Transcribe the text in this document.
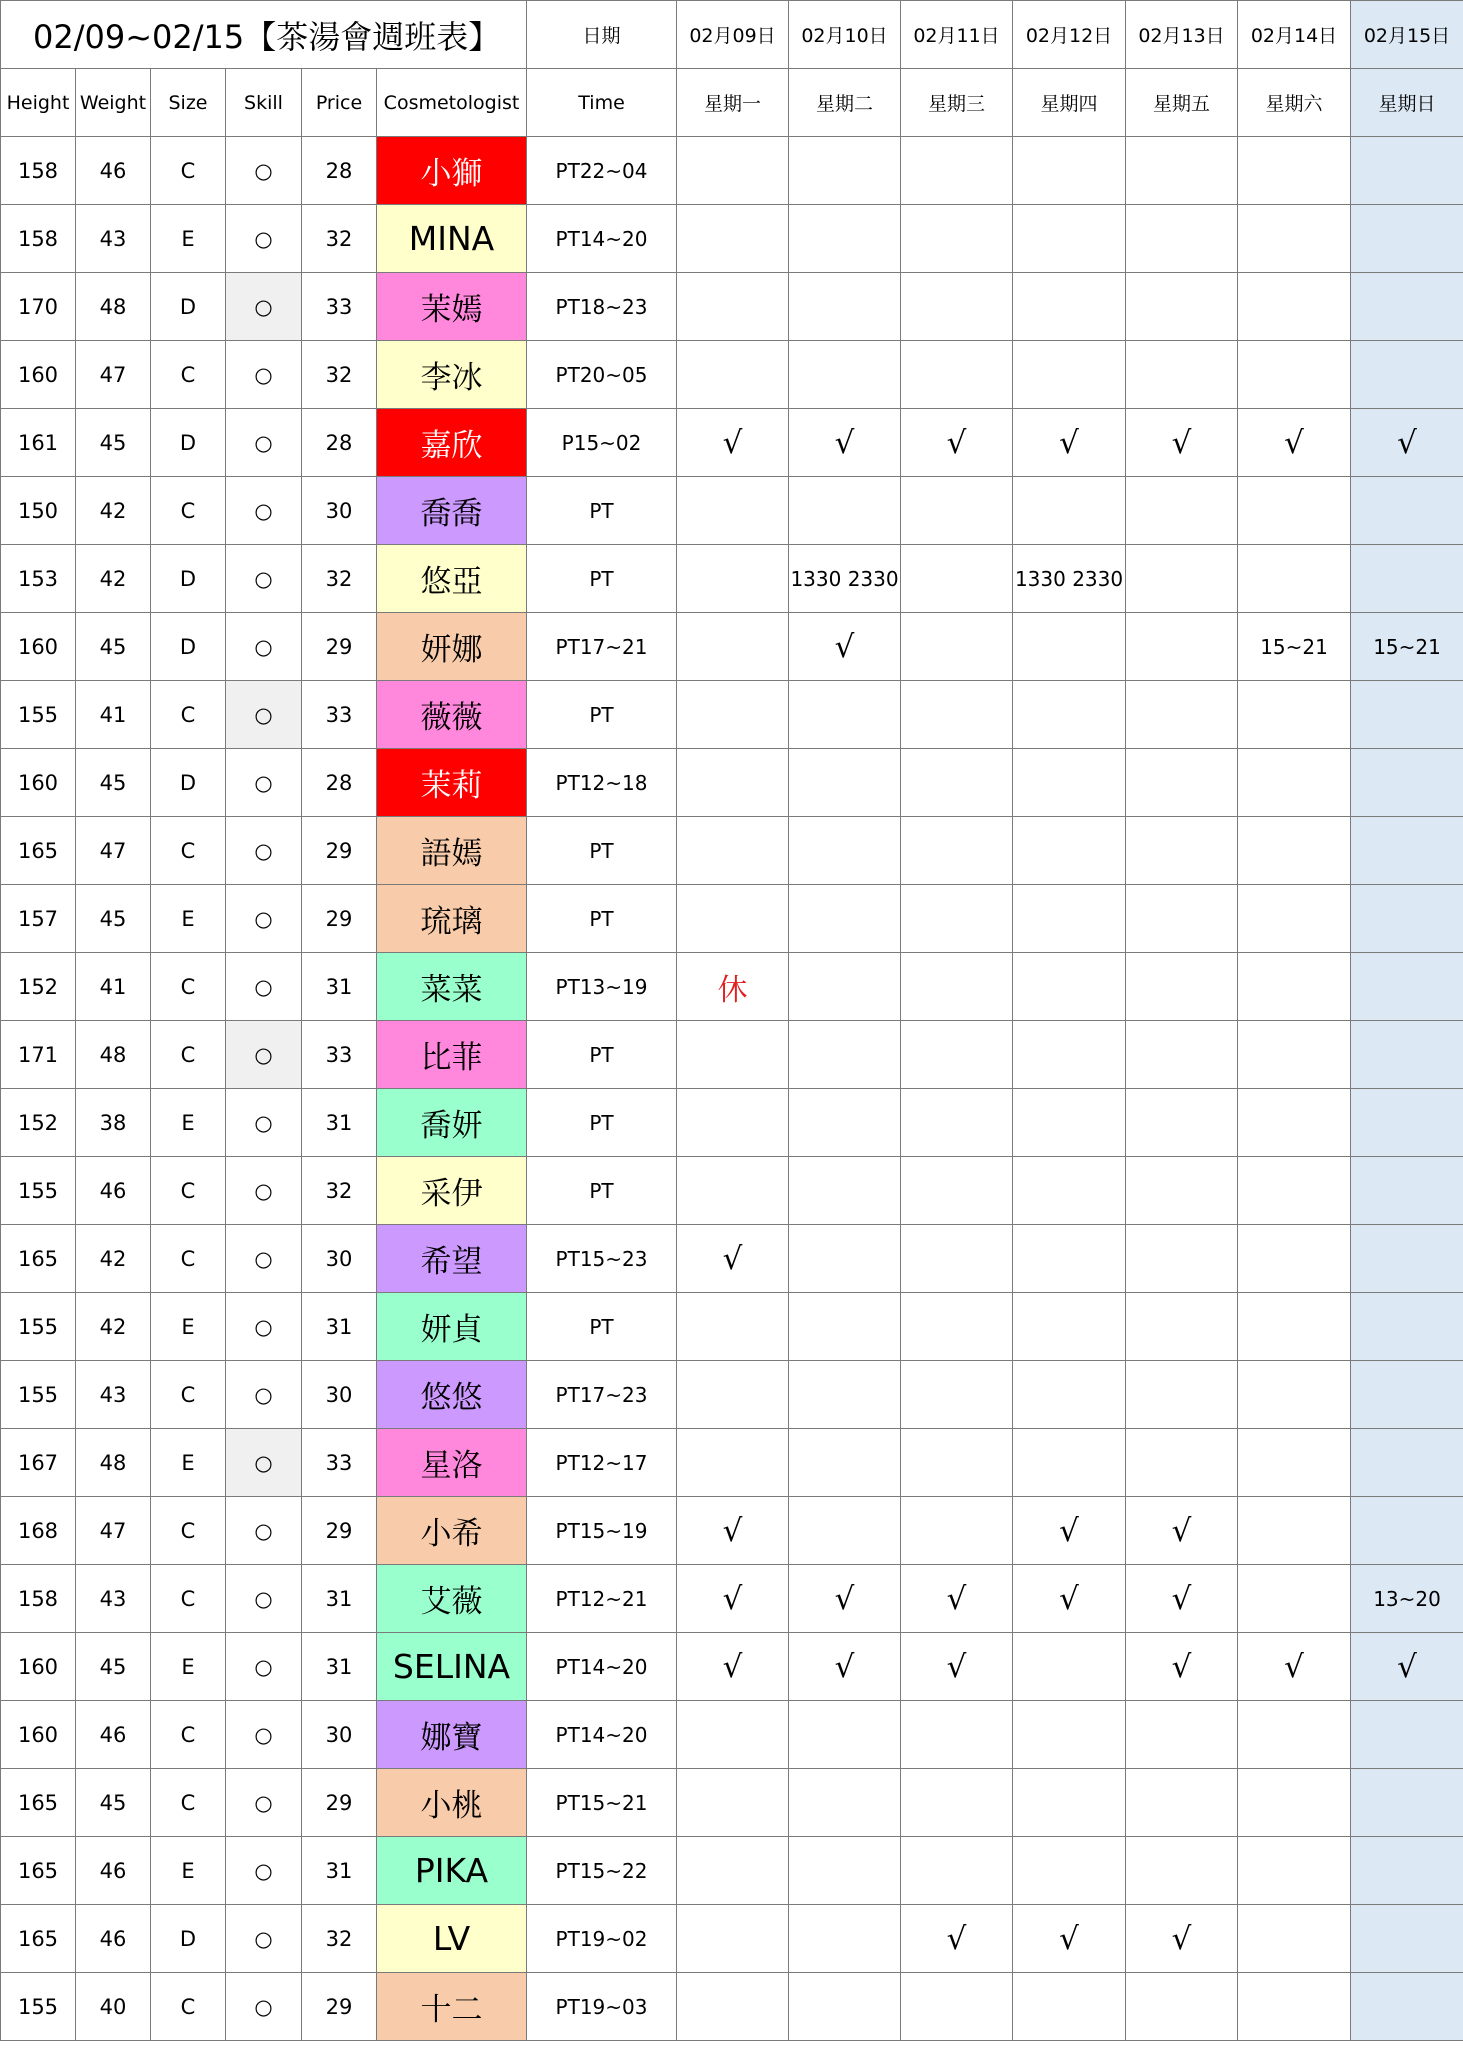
02/09~02/15【茶湯會週班表】						日期	02月09日	02月10日	02月11日	02月12日	02月13日	02月14日	02月15日
Height	Weight	Size	Skill	Price	Cosmetologist	Time	星期一	星期二	星期三	星期四	星期五	星期六	星期日
158	46	C	○	28	小獅	PT22~04							
158	43	E	○	32	MINA	PT14~20							
170	48	D	○	33	茉嫣	PT18~23							
160	47	C	○	32	李冰	PT20~05							
161	45	D	○	28	嘉欣	P15~02	√	√	√	√	√	√	√
150	42	C	○	30	喬喬	PT							
153	42	D	○	32	悠亞	PT		1330 2330		1330 2330			
160	45	D	○	29	妍娜	PT17~21		√				15~21	15~21
155	41	C	○	33	薇薇	PT							
160	45	D	○	28	茉莉	PT12~18							
165	47	C	○	29	語嫣	PT							
157	45	E	○	29	琉璃	PT							
152	41	C	○	31	菜菜	PT13~19	休						
171	48	C	○	33	比菲	PT							
152	38	E	○	31	喬妍	PT							
155	46	C	○	32	采伊	PT							
165	42	C	○	30	希望	PT15~23	√						
155	42	E	○	31	妍貞	PT							
155	43	C	○	30	悠悠	PT17~23							
167	48	E	○	33	星洛	PT12~17							
168	47	C	○	29	小希	PT15~19	√			√	√		
158	43	C	○	31	艾薇	PT12~21	√	√	√	√	√		13~20
160	45	E	○	31	SELINA	PT14~20	√	√	√		√	√	√
160	46	C	○	30	娜寶	PT14~20							
165	45	C	○	29	小桃	PT15~21							
165	46	E	○	31	PIKA	PT15~22							
165	46	D	○	32	LV	PT19~02			√	√	√		
155	40	C	○	29	十二	PT19~03							
